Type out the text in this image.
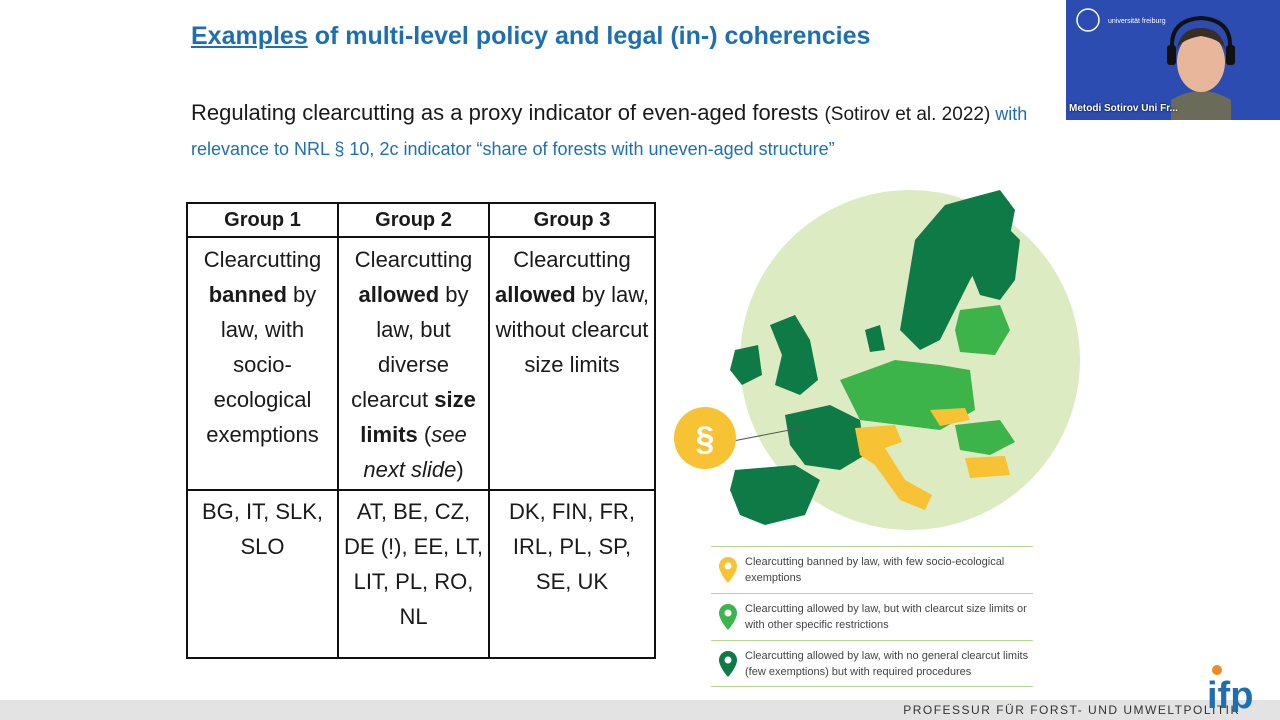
Examples of multi-level policy and legal (in-) coherencies
Regulating clearcutting as a proxy indicator of even-aged forests (Sotirov et al. 2022) with relevance to NRL § 10, 2c indicator “share of forests with uneven-aged structure”
Group 1	Group 2	Group 3
Clearcutting banned by law, with socio-ecological exemptions	Clearcutting allowed by law, but diverse clearcut size limits (see next slide)	Clearcutting allowed by law, without clearcut size limits
BG, IT, SLK, SLO	AT, BE, CZ, DE (!), EE, LT, LIT, PL, RO, NL	DK, FIN, FR, IRL, PL, SP, SE, UK
§
Clearcutting banned by law, with few socio-ecological exemptions
Clearcutting allowed by law, but with clearcut size limits or with other specific restrictions
Clearcutting allowed by law, with no general clearcut limits (few exemptions) but with required procedures
universität freiburg
Metodi Sotirov Uni Fr...
PROFESSUR FÜR FORST- UND UMWELTPOLITIK
ifp
